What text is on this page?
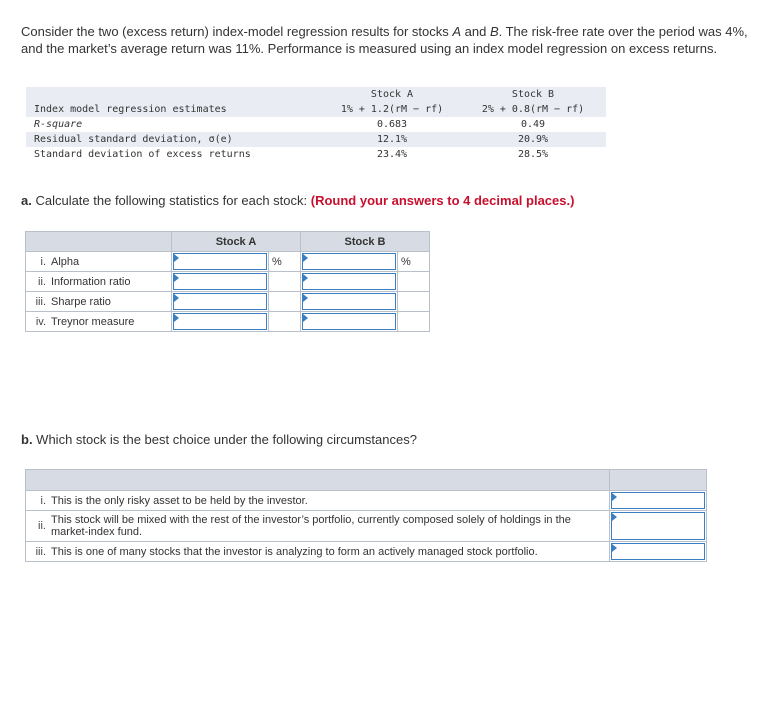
Consider the two (excess return) index-model regression results for stocks A and B. The risk-free rate over the period was 4%, and the market’s average return was 11%. Performance is measured using an index model regression on excess returns.

Stock A	Stock B
Index model regression estimates	1% + 1.2(rM − rf)	2% + 0.8(rM − rf)
R-square	0.683	0.49
Residual standard deviation, σ(e)	12.1%	20.9%
Standard deviation of excess returns	23.4%	28.5%
a. Calculate the following statistics for each stock: (Round your answers to 4 decimal places.)
		Stock A		Stock B	
i.	Alpha		%		%
ii.	Information ratio	

iii.	Sharpe ratio	

iv.	Treynor measure	

b. Which stock is the best choice under the following circumstances?

i.	This is the only risky asset to be held by the investor.	

ii.	This stock will be mixed with the rest of the investor’s portfolio, currently composed solely of holdings in the market-index fund.	

iii.	This is one of many stocks that the investor is analyzing to form an actively managed stock portfolio.	
